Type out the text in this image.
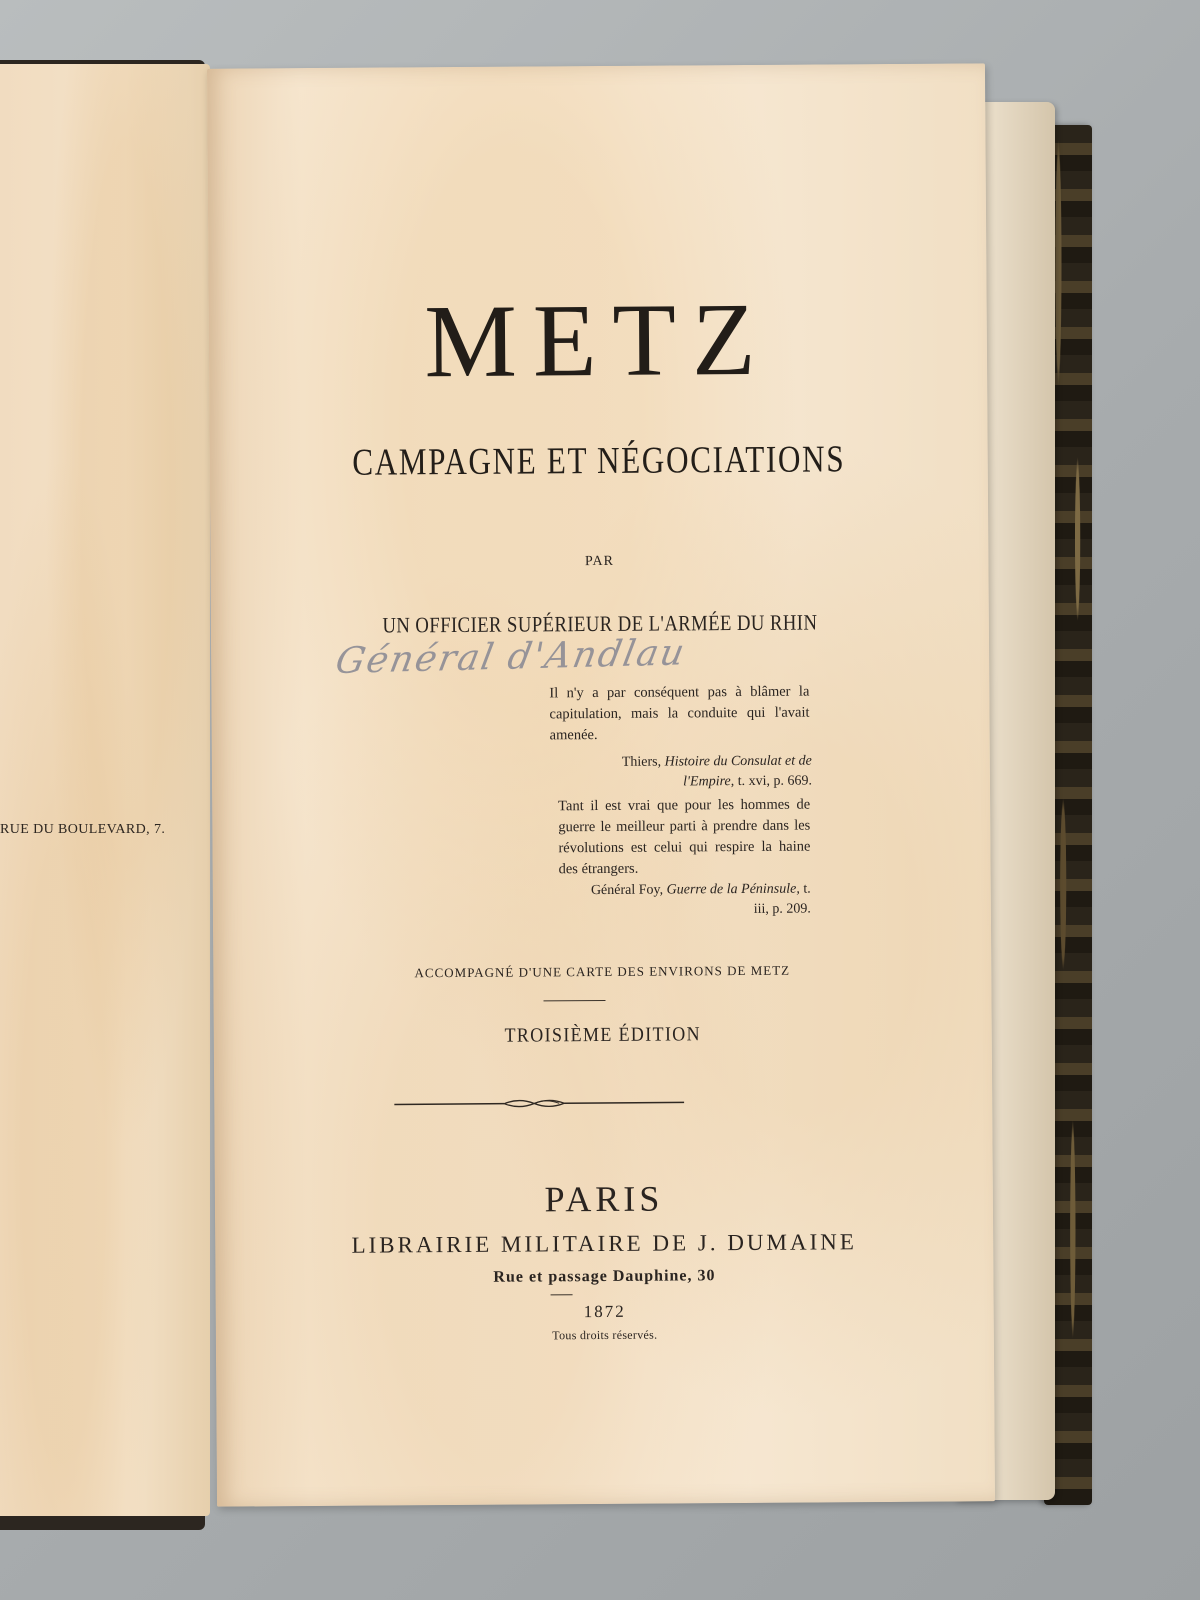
RUE DU BOULEVARD, 7.
METZ
CAMPAGNE ET NÉGOCIATIONS
PAR
UN OFFICIER SUPÉRIEUR DE L'ARMÉE DU RHIN
Général d'Andlau
Il n'y a par conséquent pas à blâmer la capitulation, mais la conduite qui l'avait amenée.
Thiers, Histoire du Consulat et de l'Empire, t. xvi, p. 669.
Tant il est vrai que pour les hommes de guerre le meilleur parti à prendre dans les révolutions est celui qui respire la haine des étrangers.
Général Foy, Guerre de la Péninsule, t. iii, p. 209.
ACCOMPAGNÉ D'UNE CARTE DES ENVIRONS DE METZ
TROISIÈME ÉDITION
PARIS
LIBRAIRIE MILITAIRE DE J. DUMAINE
Rue et passage Dauphine, 30
1872
Tous droits réservés.
